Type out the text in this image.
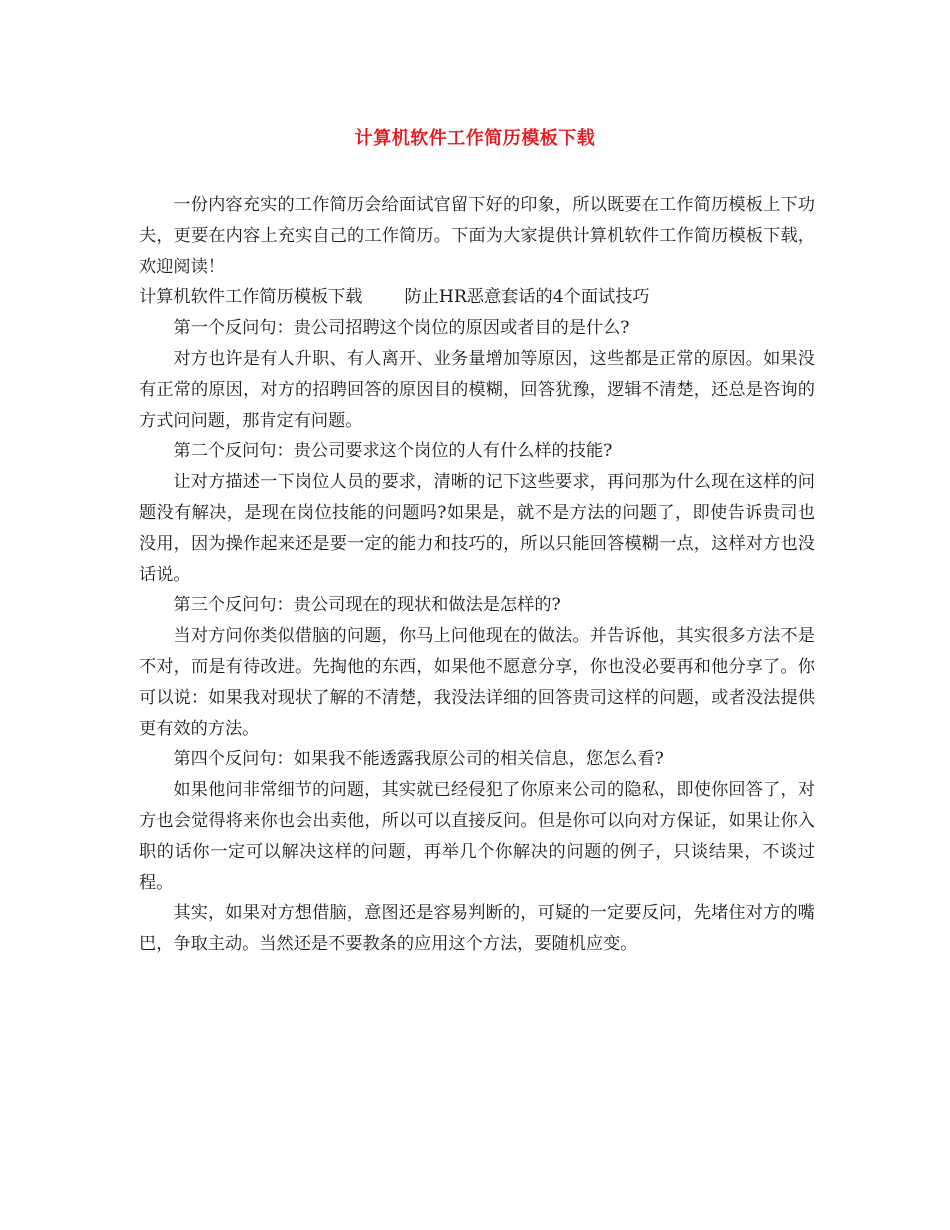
计算机软件工作简历模板下载

一份内容充实的工作简历会给面试官留下好的印象，所以既要在工作简历模板上下功夫，更要在内容上充实自己的工作简历。下面为大家提供计算机软件工作简历模板下载，欢迎阅读！

计算机软件工作简历模板下载 防止HR恶意套话的4个面试技巧

第一个反问句：贵公司招聘这个岗位的原因或者目的是什么?

对方也许是有人升职、有人离开、业务量增加等原因，这些都是正常的原因。如果没有正常的原因，对方的招聘回答的原因目的模糊，回答犹豫，逻辑不清楚，还总是咨询的方式问问题，那肯定有问题。

第二个反问句：贵公司要求这个岗位的人有什么样的技能?

让对方描述一下岗位人员的要求，清晰的记下这些要求，再问那为什么现在这样的问题没有解决，是现在岗位技能的问题吗?如果是，就不是方法的问题了，即使告诉贵司也没用，因为操作起来还是要一定的能力和技巧的，所以只能回答模糊一点，这样对方也没话说。

第三个反问句：贵公司现在的现状和做法是怎样的?

当对方问你类似借脑的问题，你马上问他现在的做法。并告诉他，其实很多方法不是不对，而是有待改进。先掏他的东西，如果他不愿意分享，你也没必要再和他分享了。你可以说：如果我对现状了解的不清楚，我没法详细的回答贵司这样的问题，或者没法提供更有效的方法。

第四个反问句：如果我不能透露我原公司的相关信息，您怎么看?

如果他问非常细节的问题，其实就已经侵犯了你原来公司的隐私，即使你回答了，对方也会觉得将来你也会出卖他，所以可以直接反问。但是你可以向对方保证，如果让你入职的话你一定可以解决这样的问题，再举几个你解决的问题的例子，只谈结果，不谈过程。

其实，如果对方想借脑，意图还是容易判断的，可疑的一定要反问，先堵住对方的嘴巴，争取主动。当然还是不要教条的应用这个方法，要随机应变。
